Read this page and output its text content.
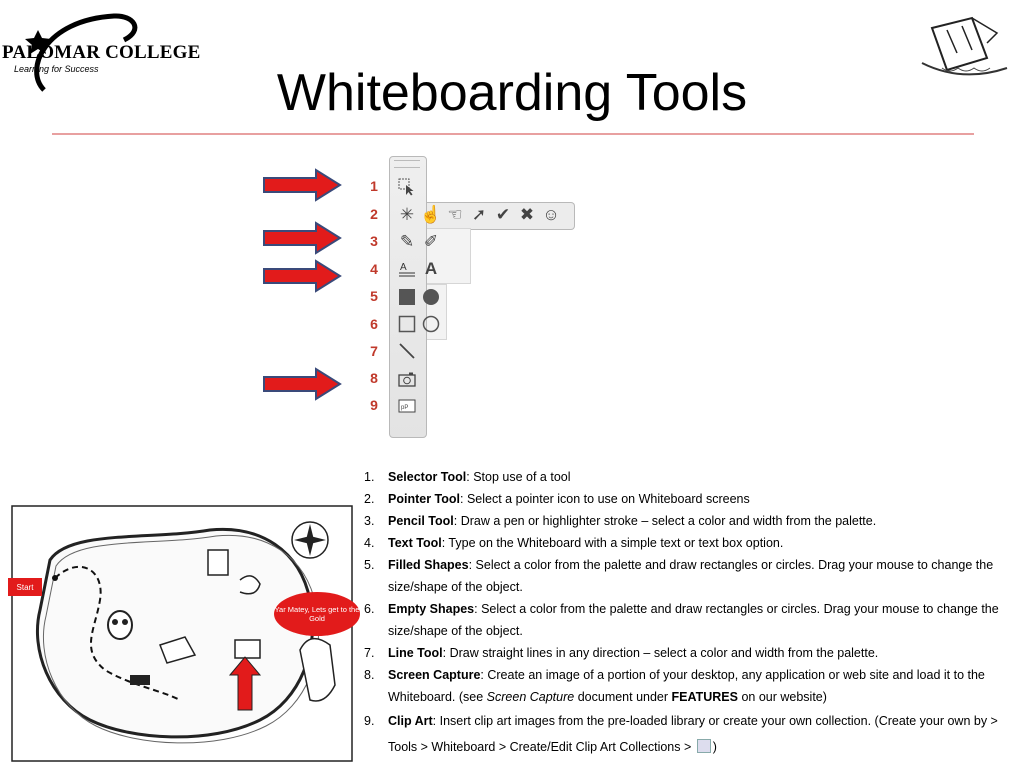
PALOMAR COLLEGE
Learning for Success	Whiteboarding Tools
1
2
3
4
5
6
7
8
9
✳ ☝ ☜ ➚ ✔ ✖ ☺
✎ ✐
A A
pP
Start
Yar Matey, Lets get to the Gold
1. Selector Tool: Stop use of a tool
2. Pointer Tool: Select a pointer icon to use on Whiteboard screens
3. Pencil Tool: Draw a pen or highlighter stroke – select a color and width from the palette.
4. Text Tool: Type on the Whiteboard with a simple text or text box option.
5. Filled Shapes: Select a color from the palette and draw rectangles or circles. Drag your mouse to change the size/shape of the object.
6. Empty Shapes: Select a color from the palette and draw rectangles or circles. Drag your mouse to change the size/shape of the object.
7. Line Tool: Draw straight lines in any direction – select a color and width from the palette.
8. Screen Capture: Create an image of a portion of your desktop, any application or web site and load it to the Whiteboard. (see Screen Capture document under FEATURES on our website)
9. Clip Art: Insert clip art images from the pre-loaded library or create your own collection. (Create your own by > Tools > Whiteboard > Create/Edit Clip Art Collections > )
